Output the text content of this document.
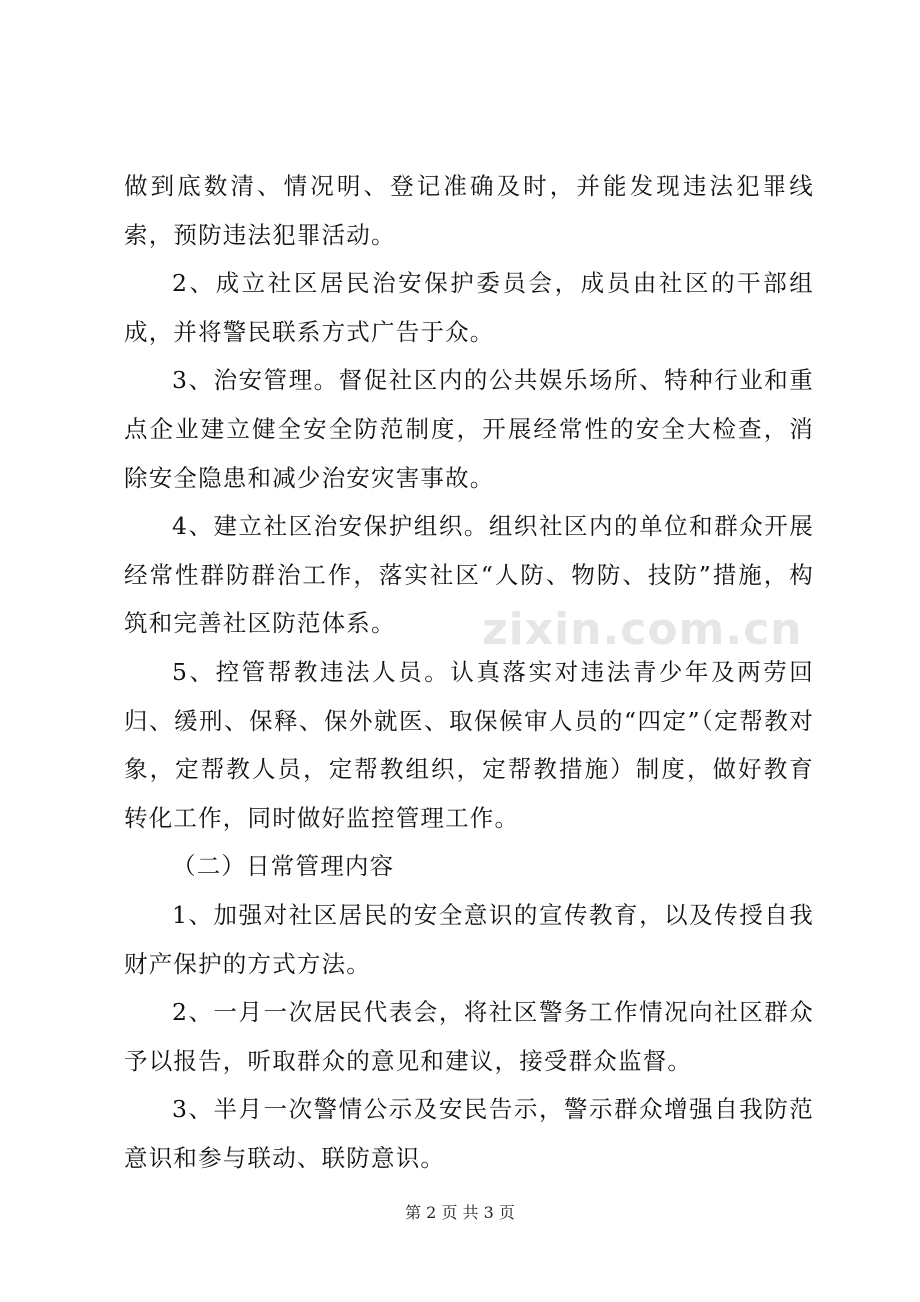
zixin.com.cn

做到底数清、情况明、登记准确及时，并能发现违法犯罪线索，预防违法犯罪活动。

2、成立社区居民治安保护委员会，成员由社区的干部组成，并将警民联系方式广告于众。

3、治安管理。督促社区内的公共娱乐场所、特种行业和重点企业建立健全安全防范制度，开展经常性的安全大检查，消除安全隐患和减少治安灾害事故。

4、建立社区治安保护组织。组织社区内的单位和群众开展经常性群防群治工作，落实社区“人防、物防、技防”措施，构筑和完善社区防范体系。

5、控管帮教违法人员。认真落实对违法青少年及两劳回归、缓刑、保释、保外就医、取保候审人员的“四定”（定帮教对象，定帮教人员，定帮教组织，定帮教措施）制度，做好教育转化工作，同时做好监控管理工作。

（二）日常管理内容

1、加强对社区居民的安全意识的宣传教育，以及传授自我财产保护的方式方法。

2、一月一次居民代表会，将社区警务工作情况向社区群众予以报告，听取群众的意见和建议，接受群众监督。

3、半月一次警情公示及安民告示，警示群众增强自我防范意识和参与联动、联防意识。

第 2 页 共 3 页
